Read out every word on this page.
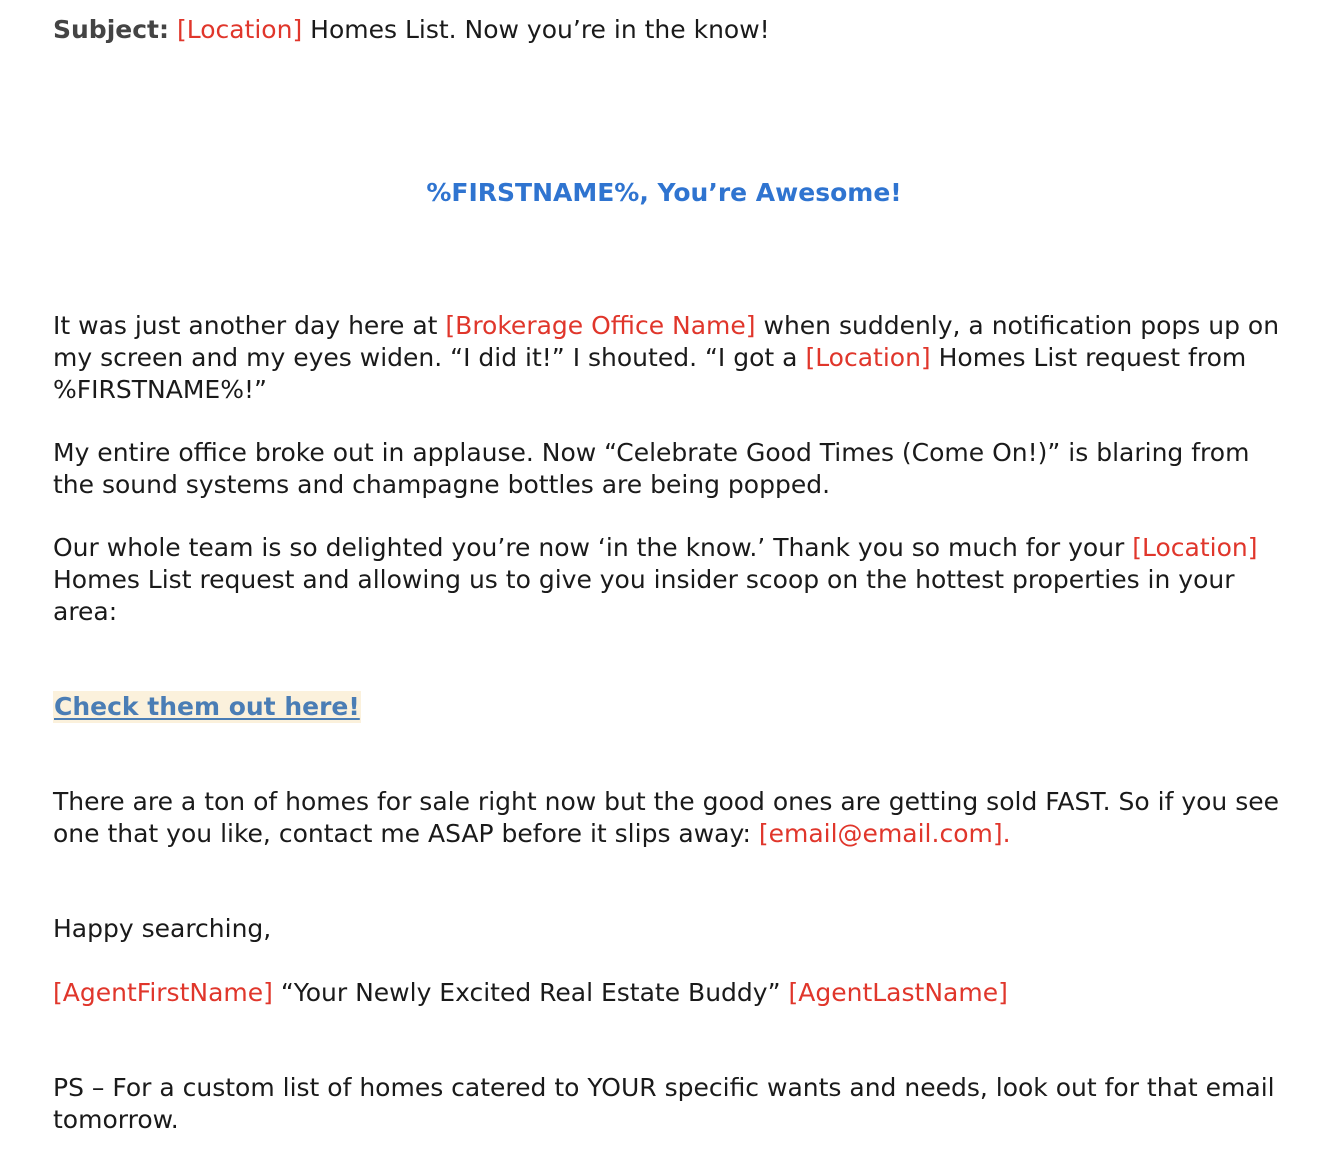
Subject: [Location] Homes List. Now you’re in the know!

%FIRSTNAME%, You’re Awesome!

It was just another day here at [Brokerage Office Name] when suddenly, a notification pops up on my screen and my eyes widen. “I did it!” I shouted. “I got a [Location] Homes List request from %FIRSTNAME%!”

My entire office broke out in applause. Now “Celebrate Good Times (Come On!)” is blaring from the sound systems and champagne bottles are being popped.

Our whole team is so delighted you’re now ‘in the know.’ Thank you so much for your [Location] Homes List request and allowing us to give you insider scoop on the hottest properties in your area:

Check them out here!

There are a ton of homes for sale right now but the good ones are getting sold FAST. So if you see one that you like, contact me ASAP before it slips away: [email@email.com].

Happy searching,

[AgentFirstName] “Your Newly Excited Real Estate Buddy” [AgentLastName]

PS – For a custom list of homes catered to YOUR specific wants and needs, look out for that email tomorrow.
